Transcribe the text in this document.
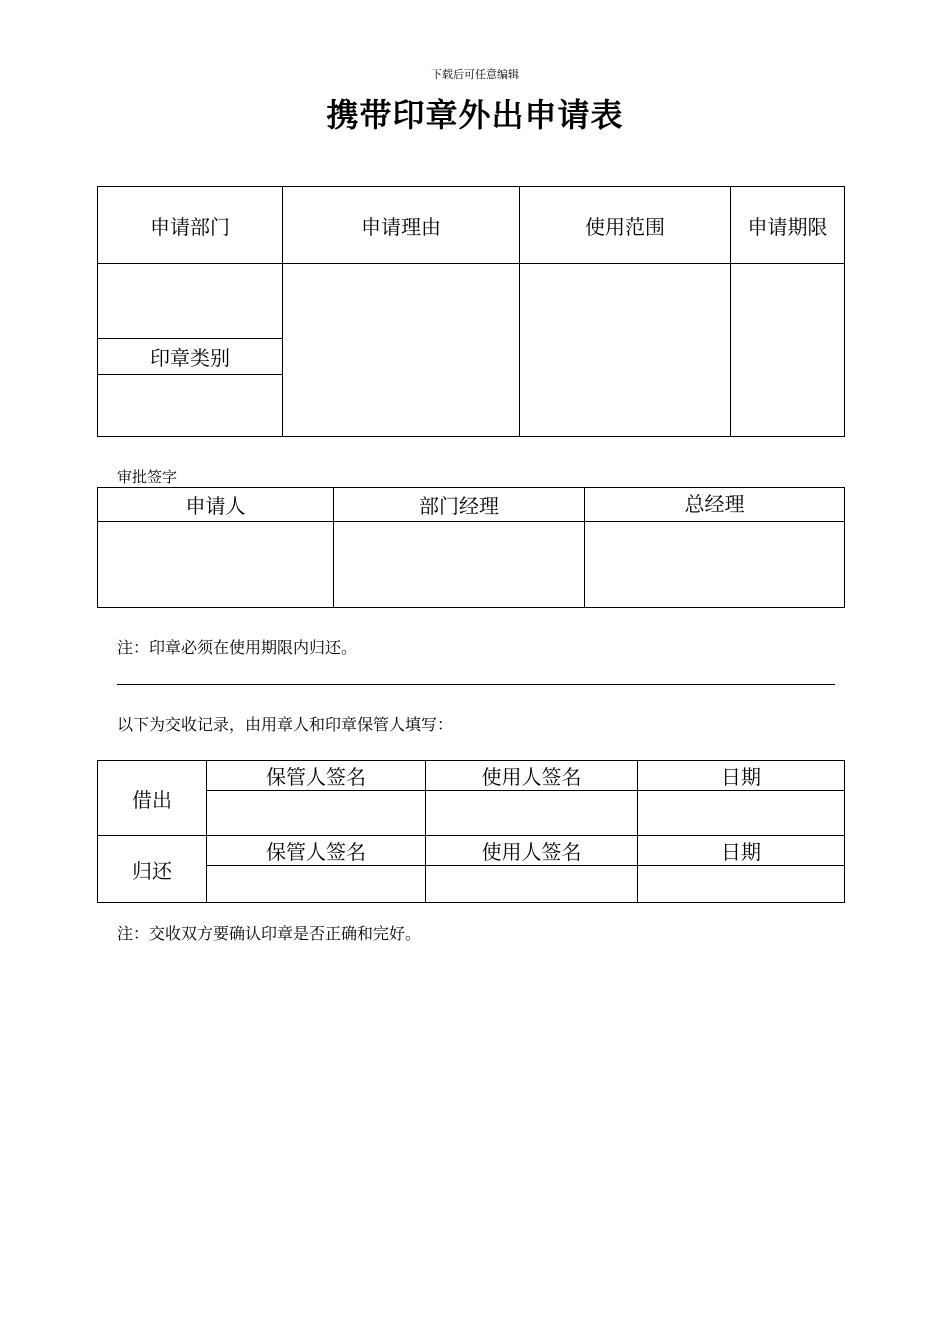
下载后可任意编辑
携带印章外出申请表
申请部门	申请理由	使用范围	申请期限

印章类别			

审批签字
申请人	部门经理	总经理

注：印章必须在使用期限内归还。
以下为交收记录，由用章人和印章保管人填写：
借出	保管人签名	使用人签名	日期

归还	保管人签名	使用人签名	日期

注：交收双方要确认印章是否正确和完好。
